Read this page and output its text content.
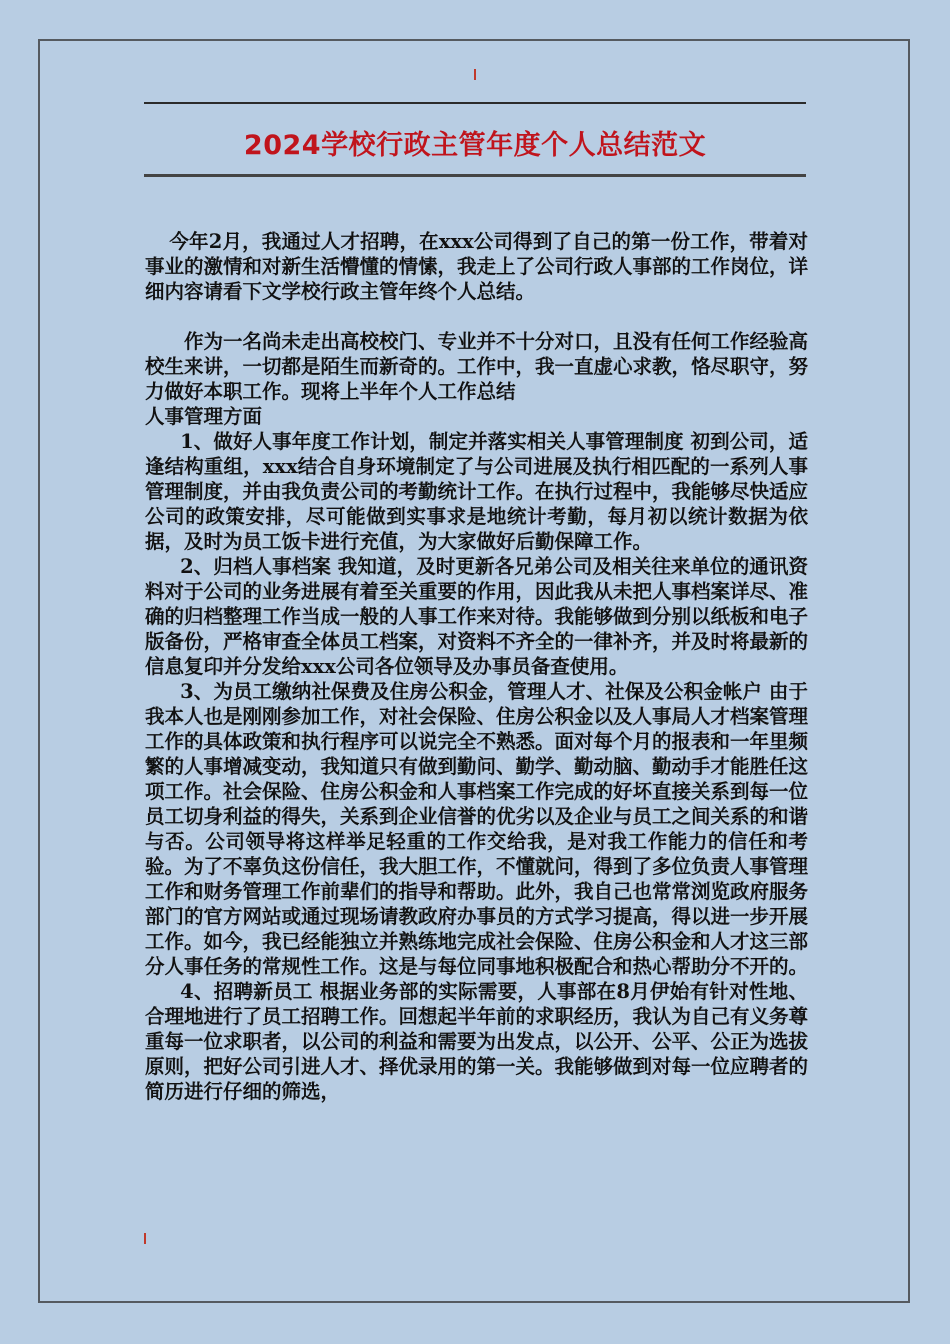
2024学校行政主管年度个人总结范文

今年2月，我通过人才招聘，在xxx公司得到了自己的第一份工作，带着对事业的激情和对新生活懵懂的情愫，我走上了公司行政人事部的工作岗位，详细内容请看下文学校行政主管年终个人总结。

作为一名尚未走出高校校门、专业并不十分对口，且没有任何工作经验高校生来讲，一切都是陌生而新奇的。工作中，我一直虚心求教，恪尽职守，努力做好本职工作。现将上半年个人工作总结

人事管理方面

1、做好人事年度工作计划，制定并落实相关人事管理制度 初到公司，适逢结构重组，xxx结合自身环境制定了与公司进展及执行相匹配的一系列人事管理制度，并由我负责公司的考勤统计工作。在执行过程中，我能够尽快适应公司的政策安排，尽可能做到实事求是地统计考勤，每月初以统计数据为依据，及时为员工饭卡进行充值，为大家做好后勤保障工作。

2、归档人事档案 我知道，及时更新各兄弟公司及相关往来单位的通讯资料对于公司的业务进展有着至关重要的作用，因此我从未把人事档案详尽、准确的归档整理工作当成一般的人事工作来对待。我能够做到分别以纸板和电子版备份，严格审查全体员工档案，对资料不齐全的一律补齐，并及时将最新的信息复印并分发给xxx公司各位领导及办事员备查使用。

3、为员工缴纳社保费及住房公积金，管理人才、社保及公积金帐户 由于我本人也是刚刚参加工作，对社会保险、住房公积金以及人事局人才档案管理工作的具体政策和执行程序可以说完全不熟悉。面对每个月的报表和一年里频繁的人事增减变动，我知道只有做到勤问、勤学、勤动脑、勤动手才能胜任这项工作。社会保险、住房公积金和人事档案工作完成的好坏直接关系到每一位员工切身利益的得失，关系到企业信誉的优劣以及企业与员工之间关系的和谐与否。公司领导将这样举足轻重的工作交给我，是对我工作能力的信任和考验。为了不辜负这份信任，我大胆工作，不懂就问，得到了多位负责人事管理工作和财务管理工作前辈们的指导和帮助。此外，我自己也常常浏览政府服务部门的官方网站或通过现场请教政府办事员的方式学习提高，得以进一步开展工作。如今，我已经能独立并熟练地完成社会保险、住房公积金和人才这三部分人事任务的常规性工作。这是与每位同事地积极配合和热心帮助分不开的。

4、招聘新员工 根据业务部的实际需要，人事部在8月伊始有针对性地、合理地进行了员工招聘工作。回想起半年前的求职经历，我认为自己有义务尊重每一位求职者，以公司的利益和需要为出发点，以公开、公平、公正为选拔原则，把好公司引进人才、择优录用的第一关。我能够做到对每一位应聘者的简历进行仔细的筛选，
